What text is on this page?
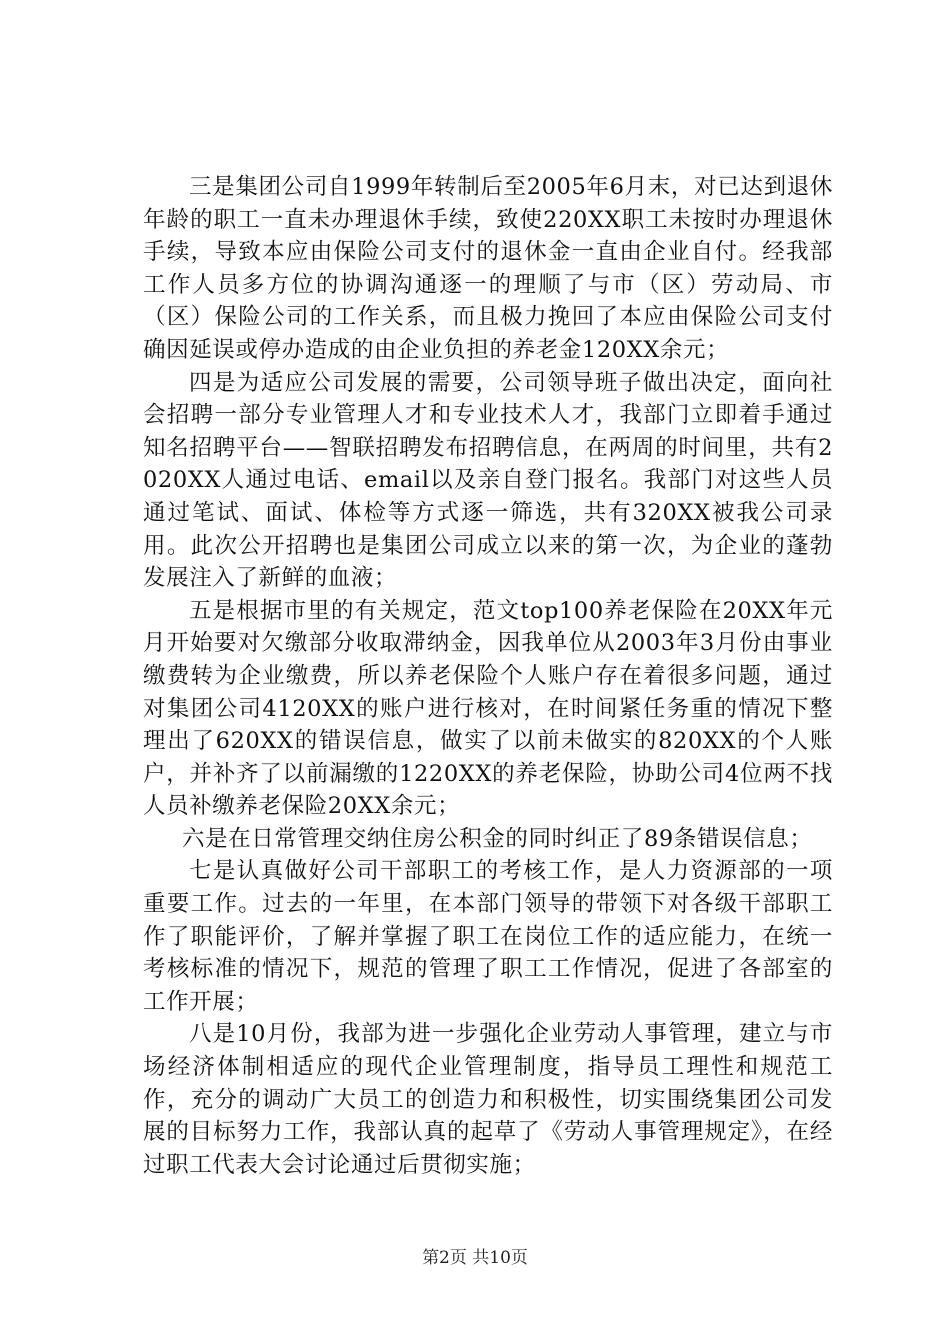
三是集团公司自1999年转制后至2005年6月末，对已达到退休年龄的职工一直未办理退休手续，致使220XX职工未按时办理退休手续，导致本应由保险公司支付的退休金一直由企业自付。经我部工作人员多方位的协调沟通逐一的理顺了与市（区）劳动局、市（区）保险公司的工作关系，而且极力挽回了本应由保险公司支付确因延误或停办造成的由企业负担的养老金120XX余元；

四是为适应公司发展的需要，公司领导班子做出决定，面向社会招聘一部分专业管理人才和专业技术人才，我部门立即着手通过知名招聘平台——智联招聘发布招聘信息，在两周的时间里，共有2020XX人通过电话、email以及亲自登门报名。我部门对这些人员通过笔试、面试、体检等方式逐一筛选，共有320XX被我公司录用。此次公开招聘也是集团公司成立以来的第一次，为企业的蓬勃发展注入了新鲜的血液；

五是根据市里的有关规定，范文top100养老保险在20XX年元月开始要对欠缴部分收取滞纳金，因我单位从2003年3月份由事业缴费转为企业缴费，所以养老保险个人账户存在着很多问题，通过对集团公司4120XX的账户进行核对，在时间紧任务重的情况下整理出了620XX的错误信息，做实了以前未做实的820XX的个人账户，并补齐了以前漏缴的1220XX的养老保险，协助公司4位两不找人员补缴养老保险20XX余元；

六是在日常管理交纳住房公积金的同时纠正了89条错误信息；

七是认真做好公司干部职工的考核工作，是人力资源部的一项重要工作。过去的一年里，在本部门领导的带领下对各级干部职工作了职能评价，了解并掌握了职工在岗位工作的适应能力，在统一考核标准的情况下，规范的管理了职工工作情况，促进了各部室的工作开展；

八是10月份，我部为进一步强化企业劳动人事管理，建立与市场经济体制相适应的现代企业管理制度，指导员工理性和规范工作，充分的调动广大员工的创造力和积极性，切实围绕集团公司发展的目标努力工作，我部认真的起草了《劳动人事管理规定》，在经过职工代表大会讨论通过后贯彻实施；

第2页 共10页
